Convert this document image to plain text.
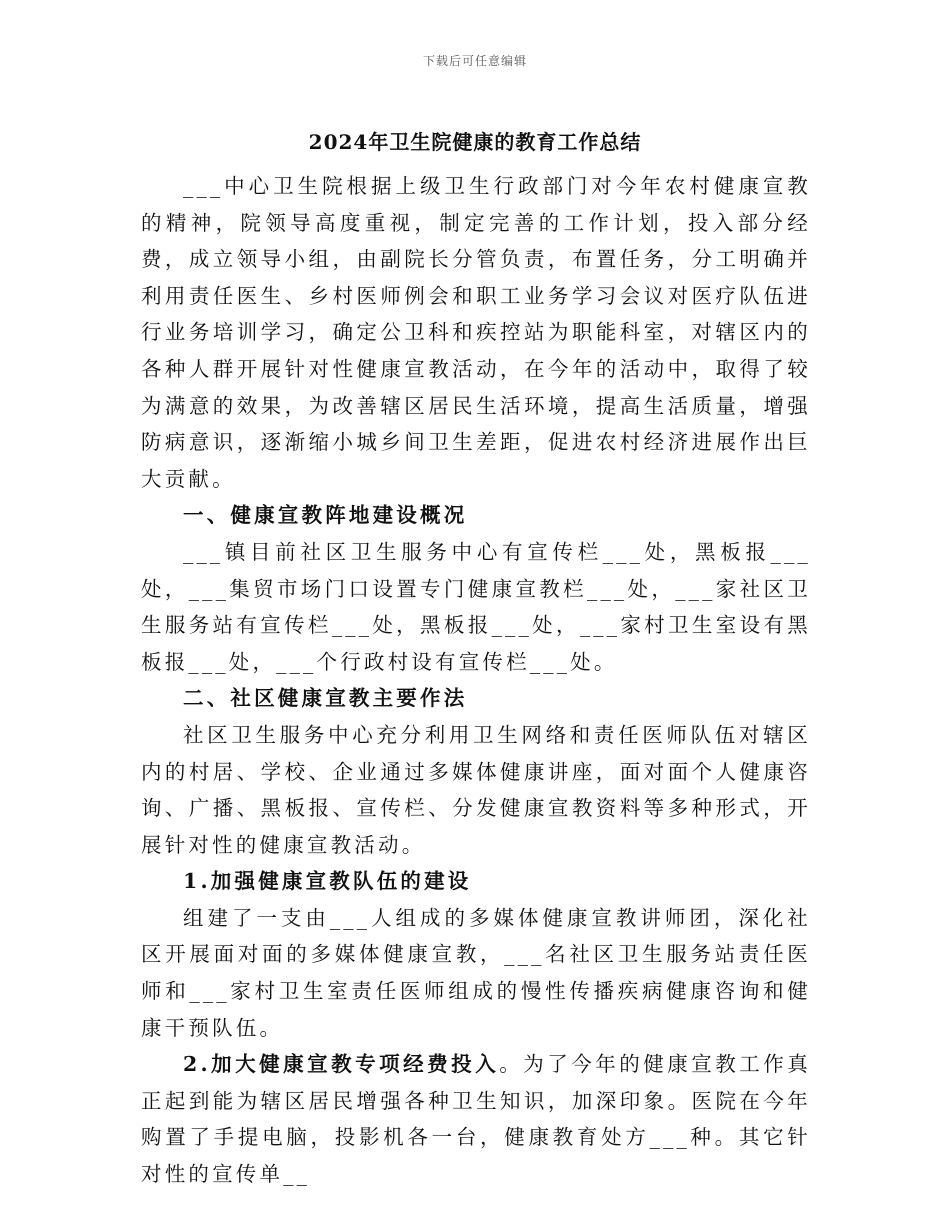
下载后可任意编辑
2024年卫生院健康的教育工作总结

___中心卫生院根据上级卫生行政部门对今年农村健康宣教的精神，院领导高度重视，制定完善的工作计划，投入部分经费，成立领导小组，由副院长分管负责，布置任务，分工明确并利用责任医生、乡村医师例会和职工业务学习会议对医疗队伍进行业务培训学习，确定公卫科和疾控站为职能科室，对辖区内的各种人群开展针对性健康宣教活动，在今年的活动中，取得了较为满意的效果，为改善辖区居民生活环境，提高生活质量，增强防病意识，逐渐缩小城乡间卫生差距，促进农村经济进展作出巨大贡献。

一、健康宣教阵地建设概况

___镇目前社区卫生服务中心有宣传栏___处，黑板报___处，___集贸市场门口设置专门健康宣教栏___处，___家社区卫生服务站有宣传栏___处，黑板报___处，___家村卫生室设有黑板报___处，___个行政村设有宣传栏___处。

二、社区健康宣教主要作法

社区卫生服务中心充分利用卫生网络和责任医师队伍对辖区内的村居、学校、企业通过多媒体健康讲座，面对面个人健康咨询、广播、黑板报、宣传栏、分发健康宣教资料等多种形式，开展针对性的健康宣教活动。

1.加强健康宣教队伍的建设

组建了一支由___人组成的多媒体健康宣教讲师团，深化社区开展面对面的多媒体健康宣教，___名社区卫生服务站责任医师和___家村卫生室责任医师组成的慢性传播疾病健康咨询和健康干预队伍。

2.加大健康宣教专项经费投入。为了今年的健康宣教工作真正起到能为辖区居民增强各种卫生知识，加深印象。医院在今年购置了手提电脑，投影机各一台，健康教育处方___种。其它针对性的宣传单__
